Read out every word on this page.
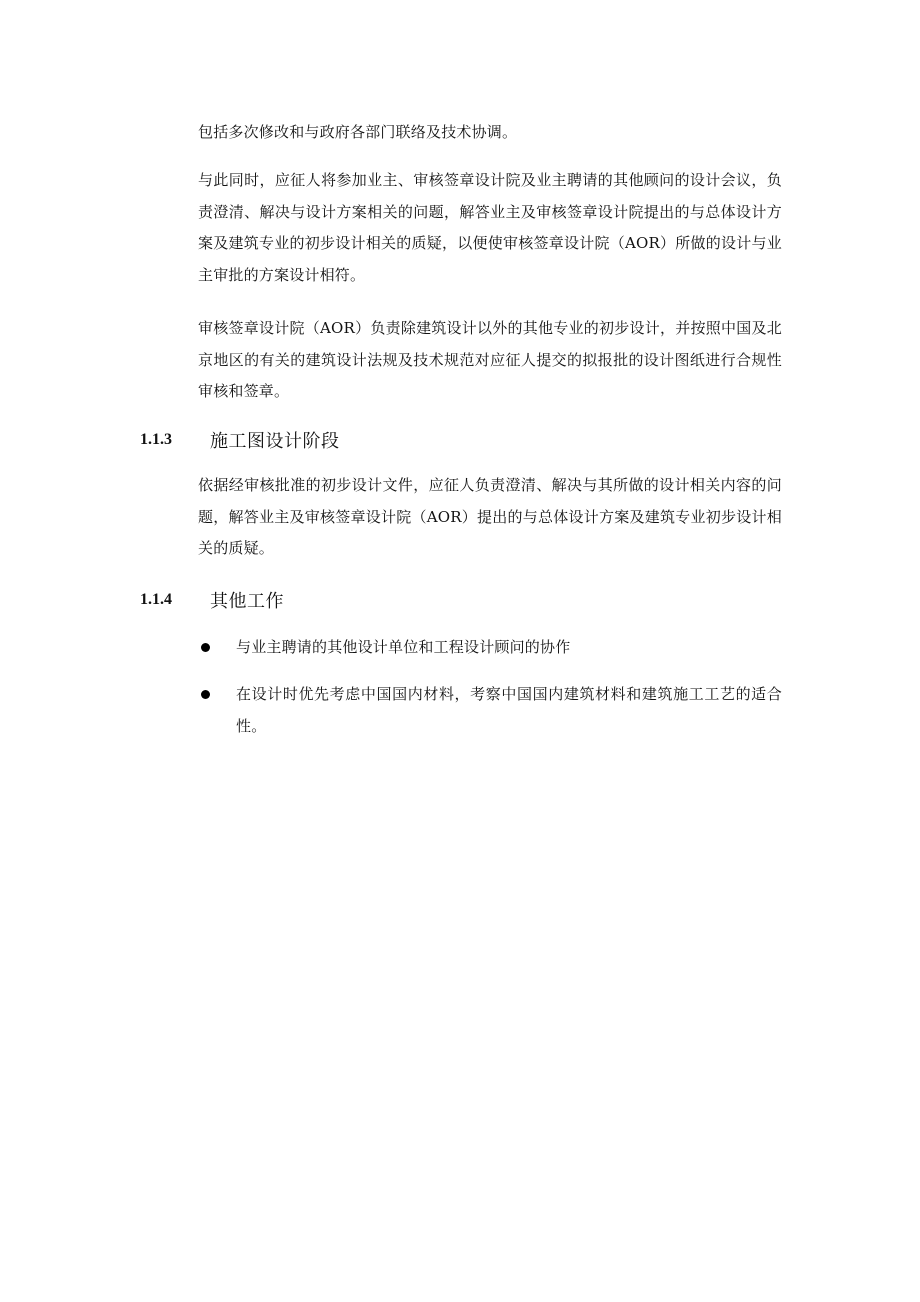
包括多次修改和与政府各部门联络及技术协调。

与此同时，应征人将参加业主、审核签章设计院及业主聘请的其他顾问的设计会议，负责澄清、解决与设计方案相关的问题，解答业主及审核签章设计院提出的与总体设计方案及建筑专业的初步设计相关的质疑，以便使审核签章设计院（AOR）所做的设计与业主审批的方案设计相符。

审核签章设计院（AOR）负责除建筑设计以外的其他专业的初步设计，并按照中国及北京地区的有关的建筑设计法规及技术规范对应征人提交的拟报批的设计图纸进行合规性审核和签章。

1.1.3	施工图设计阶段

依据经审核批准的初步设计文件，应征人负责澄清、解决与其所做的设计相关内容的问题，解答业主及审核签章设计院（AOR）提出的与总体设计方案及建筑专业初步设计相关的质疑。

1.1.4	其他工作
与业主聘请的其他设计单位和工程设计顾问的协作
在设计时优先考虑中国国内材料，考察中国国内建筑材料和建筑施工工艺的适合性。
